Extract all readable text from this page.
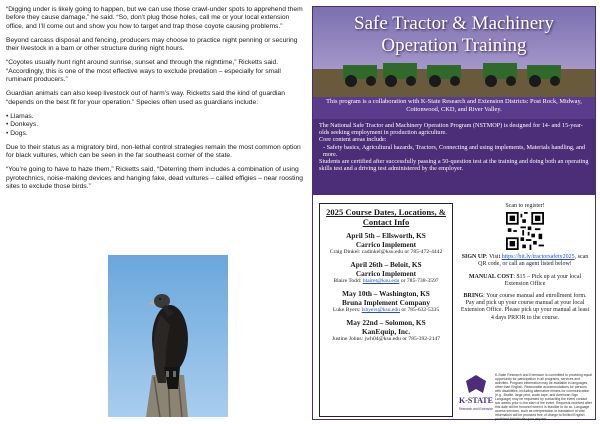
“Digging under is likely going to happen, but we can use those crawl-under spots to apprehend them before they cause damage,” he said. “So, don’t plug those holes, call me or your local extension office, and I’ll come out and show you how to target and trap those coyote causing problems.”

Beyond carcass disposal and fencing, producers may choose to practice night penning or securing their livestock in a barn or other structure during night hours.

“Coyotes usually hunt right around sunrise, sunset and through the nighttime,” Ricketts said. “Accordingly, this is one of the most effective ways to exclude predation – especially for small ruminant producers.”

Guardian animals can also keep livestock out of harm’s way. Ricketts said the kind of guardian “depends on the best fit for your operation.” Species often used as guardians include:

• Llamas.
• Donkeys.
• Dogs.

Due to their status as a migratory bird, non-lethal control strategies remain the most common option for black vultures, which can be seen in the far southeast corner of the state.

“You’re going to have to haze them,” Ricketts said. “Deterring them includes a combination of using pyrotechnics, noise-making devices and hanging fake, dead vultures – called effigies – near roosting sites to exclude those birds.”

Safe Tractor & Machinery
Operation Training
This program is a collaboration with K-State Research and Extension Districts: Post Rock, Midway, Cottonwood, CKD, and River Valley.
The National Safe Tractor and Machinery Operation Program (NSTMOP) is designed for 14- and 15-year-olds seeking employment in production agriculture.
Core content areas include:
- Safety basics, Agricultural hazards, Tractors, Connecting and using implements, Materials handling, and more.
Students are certified after successfully passing a 50-question test at the training and doing both an operating skills test and a driving test administered by the employer.
2025 Course Dates, Locations, & Contact Info
April 5th – Ellsworth, KS
Carrico Implement
Craig Dinkel: cadinkel@ksu.edu or 785-472-4442
April 26th – Beloit, KS
Carrico Implement
Blaire Todd: blairet@ksu.edu or 785-738-3597
May 10th – Washington, KS
Bruna Implement Company
Luke Byers: lsbyers@ksu.edu or 785-632-5335
May 22nd – Solomon, KS
KanEquip, Inc.
Justine Johns: jwh04@ksu.edu or 785-392-2147
Scan to register!
SIGN UP: Visit https://bit.ly/tractorsafety2025, scan QR code, or call an agent listed below!
MANUAL COST: $15 – Pick up at your local Extension Office
BRING: Your course manual and enrollment form. Pay and pick up your course manual at your local Extension Office. Please pick up your manual at least 4 days PRIOR to the course.
K-STATE
Research and Extension
K-State Research and Extension is committed to providing equal opportunity for participation in all programs, services and activities. Program information may be available in languages other than English. Reasonable accommodations for persons with disabilities, including alternative means for communication (e.g., Braille, large print, audio tape, and American Sign Language) may be requested by contacting the event contact two weeks prior to the start of the event. Requests received after this date will be honored when it is feasible to do so. Language access services, such as interpretation or translation of vital information will be provided free of charge to limited English proficient individuals upon request.
